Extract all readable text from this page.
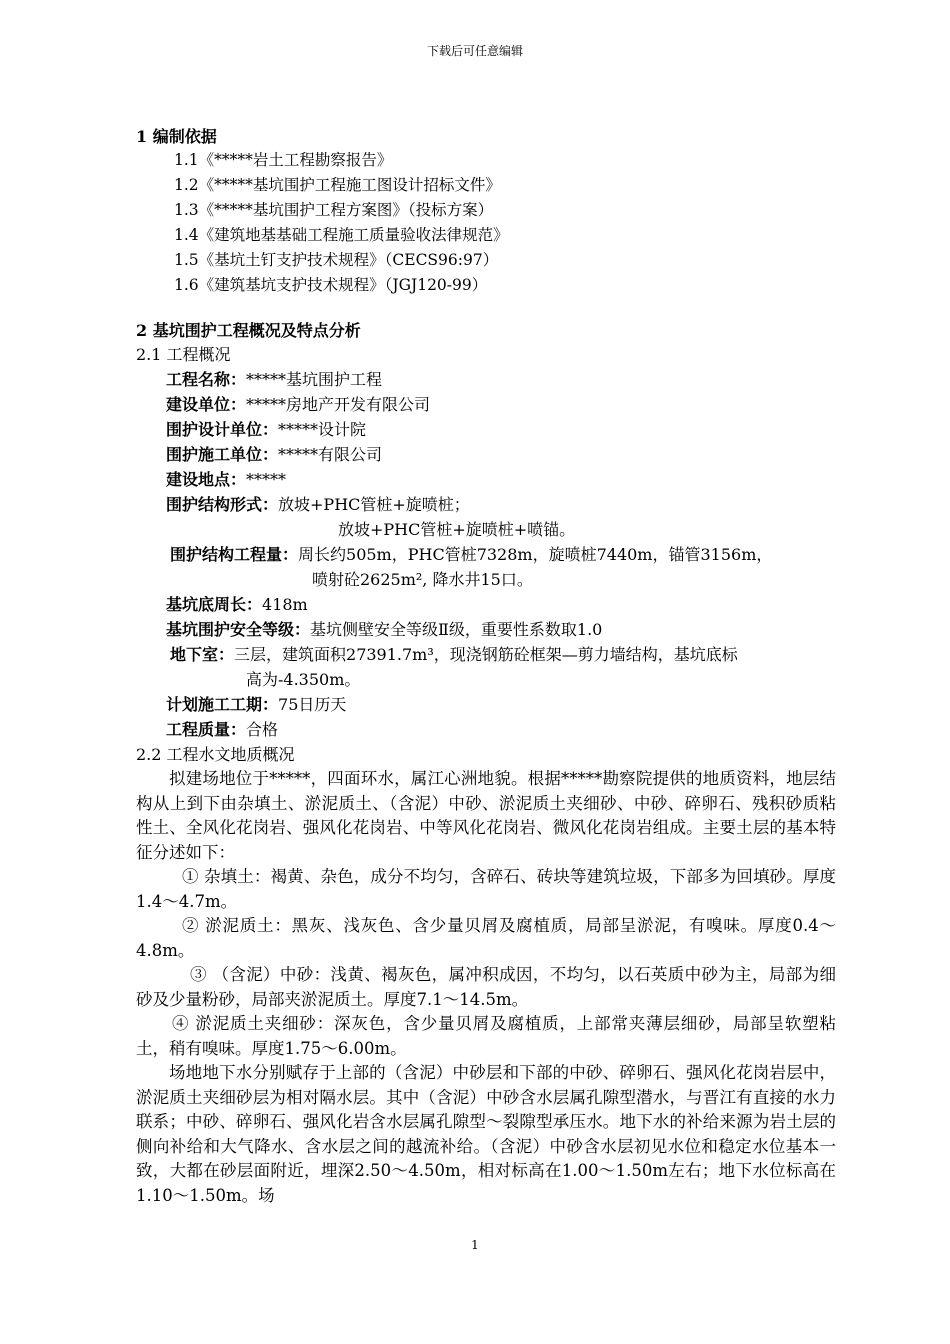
下载后可任意编辑
1 编制依据
1.1《*****岩土工程勘察报告》
1.2《*****基坑围护工程施工图设计招标文件》
1.3《*****基坑围护工程方案图》（投标方案）
1.4《建筑地基基础工程施工质量验收法律规范》
1.5《基坑土钉支护技术规程》（CECS96:97）
1.6《建筑基坑支护技术规程》（JGJ120-99）
2 基坑围护工程概况及特点分析
2.1 工程概况
工程名称：*****基坑围护工程
建设单位：*****房地产开发有限公司
围护设计单位：*****设计院
围护施工单位：*****有限公司
建设地点：*****
围护结构形式：放坡+PHC管桩+旋喷桩；
放坡+PHC管桩+旋喷桩+喷锚。
围护结构工程量：周长约505m，PHC管桩7328m，旋喷桩7440m，锚管3156m，
喷射砼2625m², 降水井15口。
基坑底周长：418m
基坑围护安全等级：基坑侧壁安全等级Ⅱ级，重要性系数取1.0
地下室：三层，建筑面积27391.7m³，现浇钢筋砼框架—剪力墙结构，基坑底标
高为-4.350m。
计划施工工期：75日历天
工程质量：合格
2.2 工程水文地质概况

拟建场地位于*****，四面环水，属江心洲地貌。根据*****勘察院提供的地质资料，地层结构从上到下由杂填土、淤泥质土、（含泥）中砂、淤泥质土夹细砂、中砂、碎卵石、残积砂质粘性土、全风化花岗岩、强风化花岗岩、中等风化花岗岩、微风化花岗岩组成。主要土层的基本特征分述如下：

① 杂填土：褐黄、杂色，成分不均匀，含碎石、砖块等建筑垃圾，下部多为回填砂。厚度1.4～4.7m。

② 淤泥质土：黑灰、浅灰色、含少量贝屑及腐植质，局部呈淤泥，有嗅味。厚度0.4～4.8m。

③ （含泥）中砂：浅黄、褐灰色，属冲积成因，不均匀，以石英质中砂为主，局部为细砂及少量粉砂，局部夹淤泥质土。厚度7.1～14.5m。

④ 淤泥质土夹细砂：深灰色，含少量贝屑及腐植质，上部常夹薄层细砂，局部呈软塑粘土，稍有嗅味。厚度1.75～6.00m。

场地地下水分别赋存于上部的（含泥）中砂层和下部的中砂、碎卵石、强风化花岗岩层中，淤泥质土夹细砂层为相对隔水层。其中（含泥）中砂含水层属孔隙型潜水，与晋江有直接的水力联系；中砂、碎卵石、强风化岩含水层属孔隙型～裂隙型承压水。地下水的补给来源为岩土层的侧向补给和大气降水、含水层之间的越流补给。（含泥）中砂含水层初见水位和稳定水位基本一致，大都在砂层面附近，埋深2.50～4.50m，相对标高在1.00～1.50m左右；地下水位标高在1.10～1.50m。场

1
